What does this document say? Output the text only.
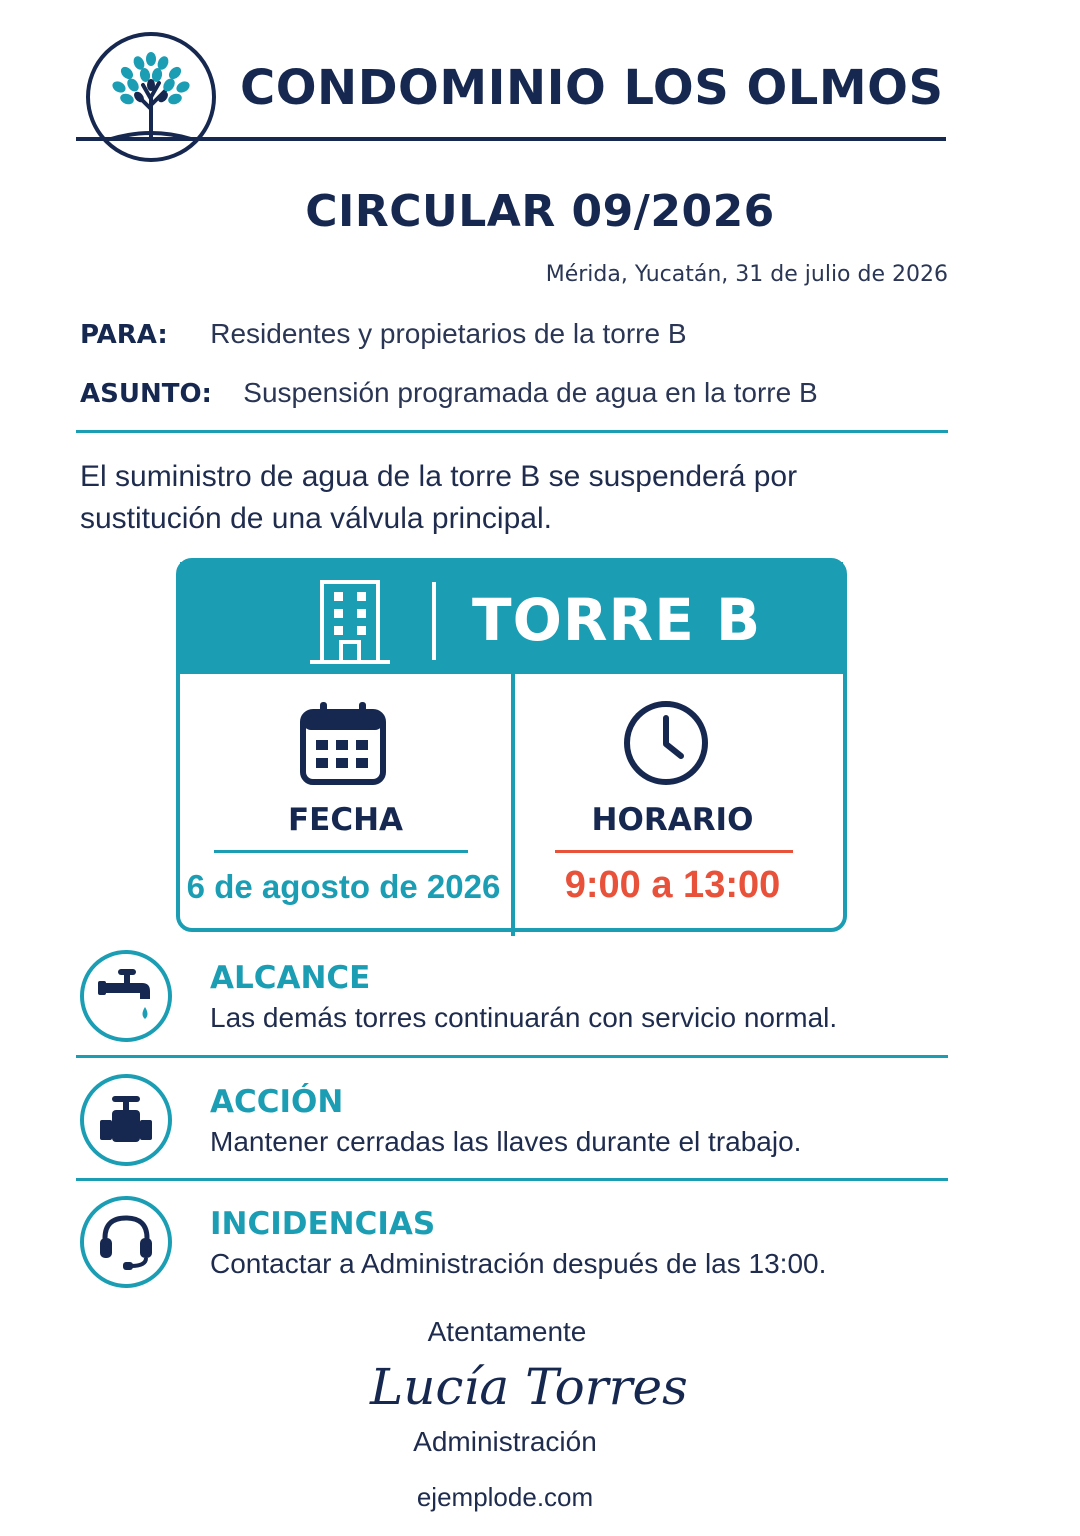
CONDOMINIO LOS OLMOS
CIRCULAR 09/2026
Mérida, Yucatán, 31 de julio de 2026
PARA: Residentes y propietarios de la torre B
ASUNTO: Suspensión programada de agua en la torre B
El suministro de agua de la torre B se suspenderá por sustitución de una válvula principal.
TORRE B
FECHA
6 de agosto de 2026
HORARIO
9:00 a 13:00
ALCANCE
Las demás torres continuarán con servicio normal.
ACCIÓN
Mantener cerradas las llaves durante el trabajo.
INCIDENCIAS
Contactar a Administración después de las 13:00.
Atentamente
Lucía Torres
Administración
ejemplode.com
